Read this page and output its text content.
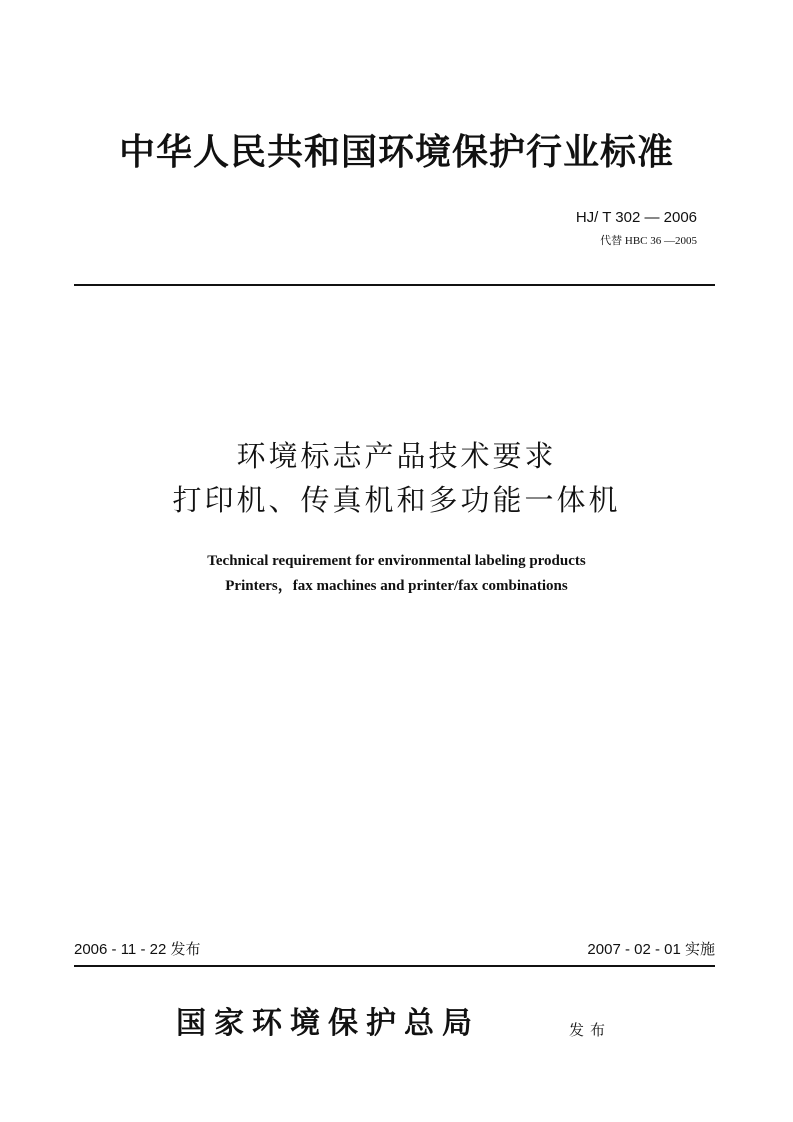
中华人民共和国环境保护行业标准
HJ/ T 302 — 2006
代替 HBC 36 —2005
环境标志产品技术要求
打印机、传真机和多功能一体机
Technical requirement for environmental labeling products
Printers，fax machines and printer/fax combinations
2006 - 11 - 22 发布	2007 - 02 - 01 实施
国家环境保护总局	发布
